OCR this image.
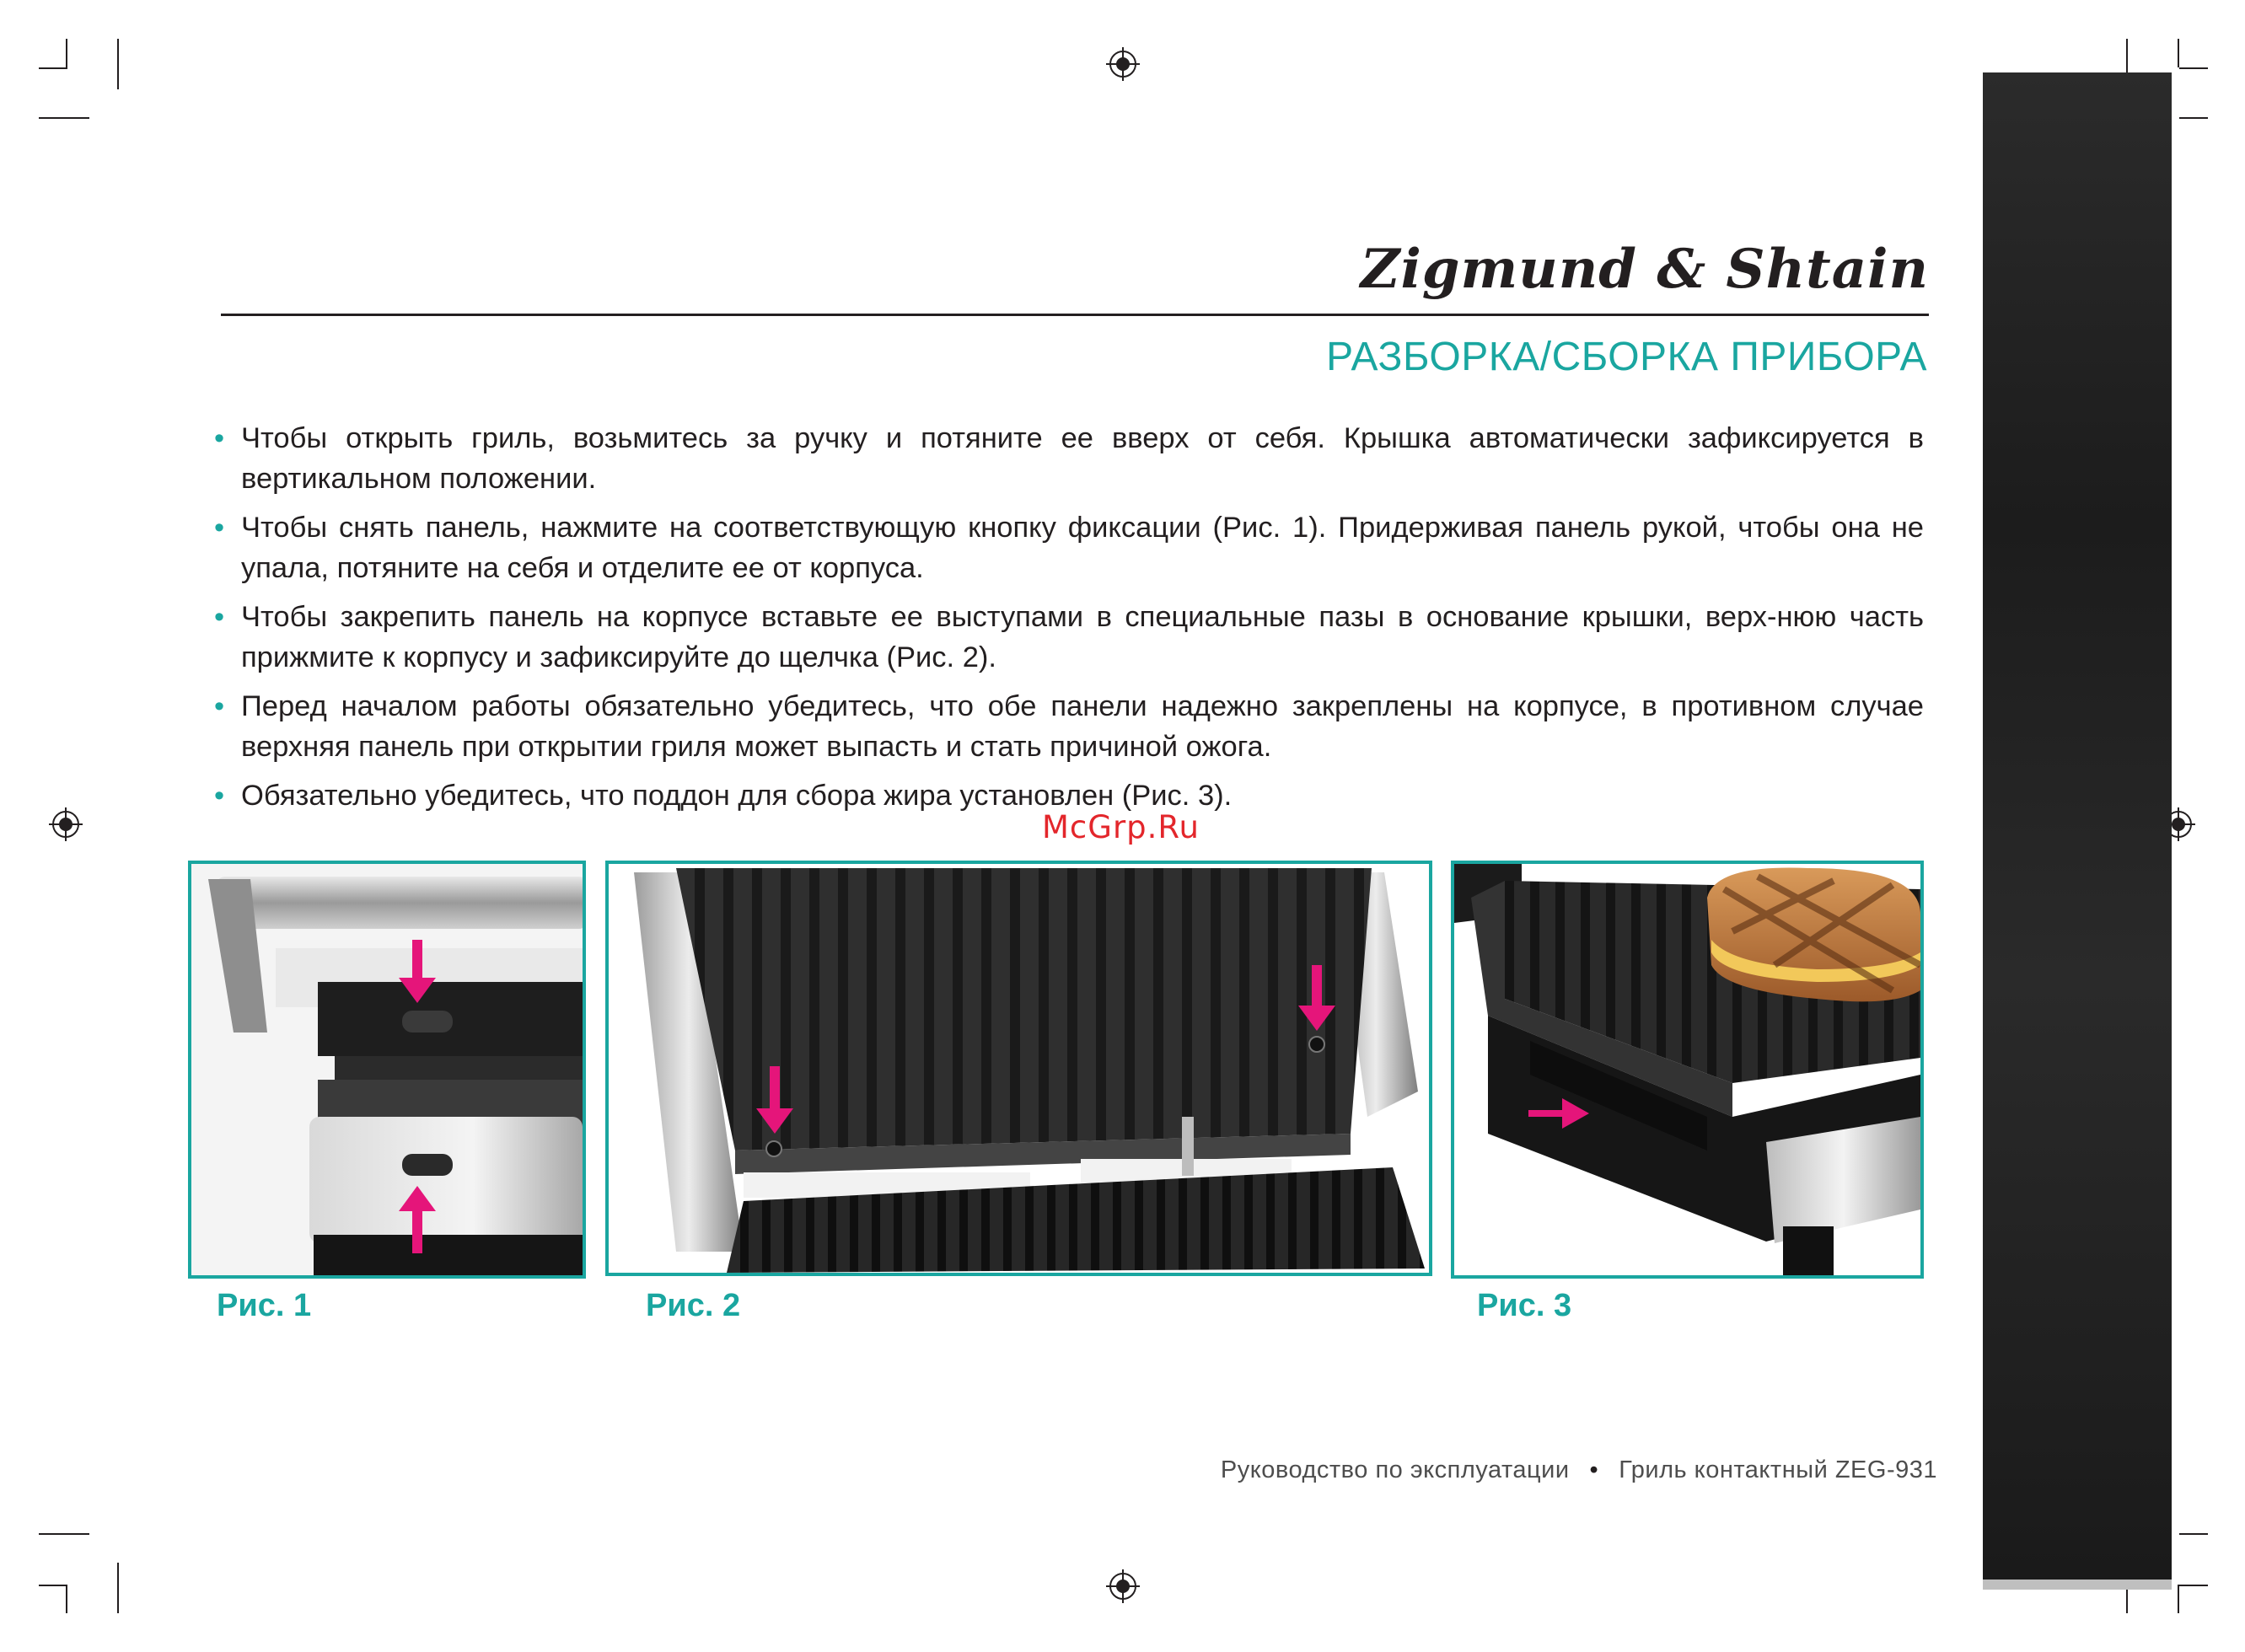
Zigmund & Shtain
РАЗБОРКА/СБОРКА ПРИБОРА
• Чтобы открыть гриль, возьмитесь за ручку и потяните ее вверх от себя. Крышка автоматически зафиксируется в вертикальном положении.
• Чтобы снять панель, нажмите на соответствующую кнопку фиксации (Рис. 1). Придерживая панель рукой, чтобы она не упала, потяните на себя и отделите ее от корпуса.
• Чтобы закрепить панель на корпусе вставьте ее выступами в специальные пазы в основание крышки, верх-нюю часть прижмите к корпусу и зафиксируйте до щелчка (Рис. 2).
• Перед началом работы обязательно убедитесь, что обе панели надежно закреплены на корпусе, в противном случае верхняя панель при открытии гриля может выпасть и стать причиной ожога.
• Обязательно убедитесь, что поддон для сбора жира установлен (Рис. 3).
McGrp.Ru
Рис. 1	Рис. 2	Рис. 3
Руководство по эксплуатации • Гриль контактный ZEG-931
